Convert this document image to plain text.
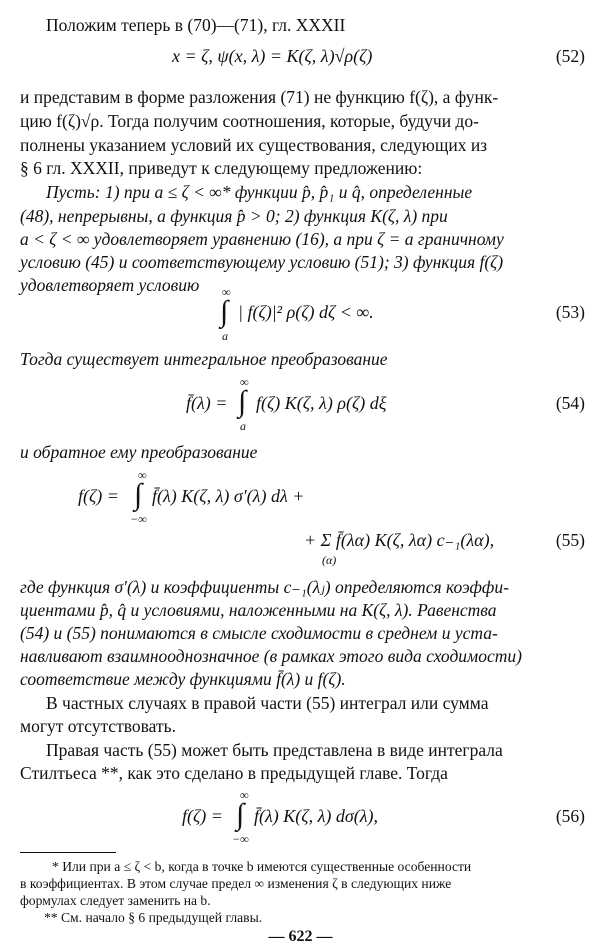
Положим теперь в (70)—(71), гл. XXXII
x = ζ, ψ(x, λ) = K(ζ, λ)√ρ(ζ)	(52)
и представим в форме разложения (71) не функцию f(ζ), а функ-
цию f(ζ)√ρ. Тогда получим соотношения, которые, будучи до-
полнены указанием условий их существования, следующих из
§ 6 гл. XXXII, приведут к следующему предложению:
Пусть: 1) при a ≤ ζ < ∞* функции p̂, p̂₁ и q̂, определенные
(48), непрерывны, а функция p̂ > 0; 2) функция K(ζ, λ) при
a < ζ < ∞ удовлетворяет уравнению (16), а при ζ = a граничному
условию (45) и соответствующему условию (51); 3) функция f(ζ)
удовлетворяет условию ∞
∫
a
| f(ζ)|² ρ(ζ) dζ < ∞.	(53)
Тогда существует интегральное преобразование
f̄(λ) =
∞
∫
a
f(ζ) K(ζ, λ) ρ(ζ) dξ	(54)
и обратное ему преобразование
f(ζ) =
∞
∫
−∞
f̄(λ) K(ζ, λ) σ′(λ) dλ +
+ Σ f̄(λα) K(ζ, λα) c₋₁(λα),
(α)
(55)
где функция σ′(λ) и коэффициенты c₋₁(λⱼ) определяются коэффи-
циентами p̂, q̂ и условиями, наложенными на K(ζ, λ). Равенства
(54) и (55) понимаются в смысле сходимости в среднем и уста-
навливают взаимнооднозначное (в рамках этого вида сходимости)
соответствие между функциями f̄(λ) и f(ζ).
В частных случаях в правой части (55) интеграл или сумма
могут отсутствовать.
Правая часть (55) может быть представлена в виде интеграла
Стилтьеса **, как это сделано в предыдущей главе. Тогда
f(ζ) =
∞
∫
−∞
f̄(λ) K(ζ, λ) dσ(λ),	(56)
* Или при a ≤ ζ < b, когда в точке b имеются существенные особенности
в коэффициентах. В этом случае предел ∞ изменения ζ в следующих ниже
формулах следует заменить на b.
** См. начало § 6 предыдущей главы.
— 622 —
